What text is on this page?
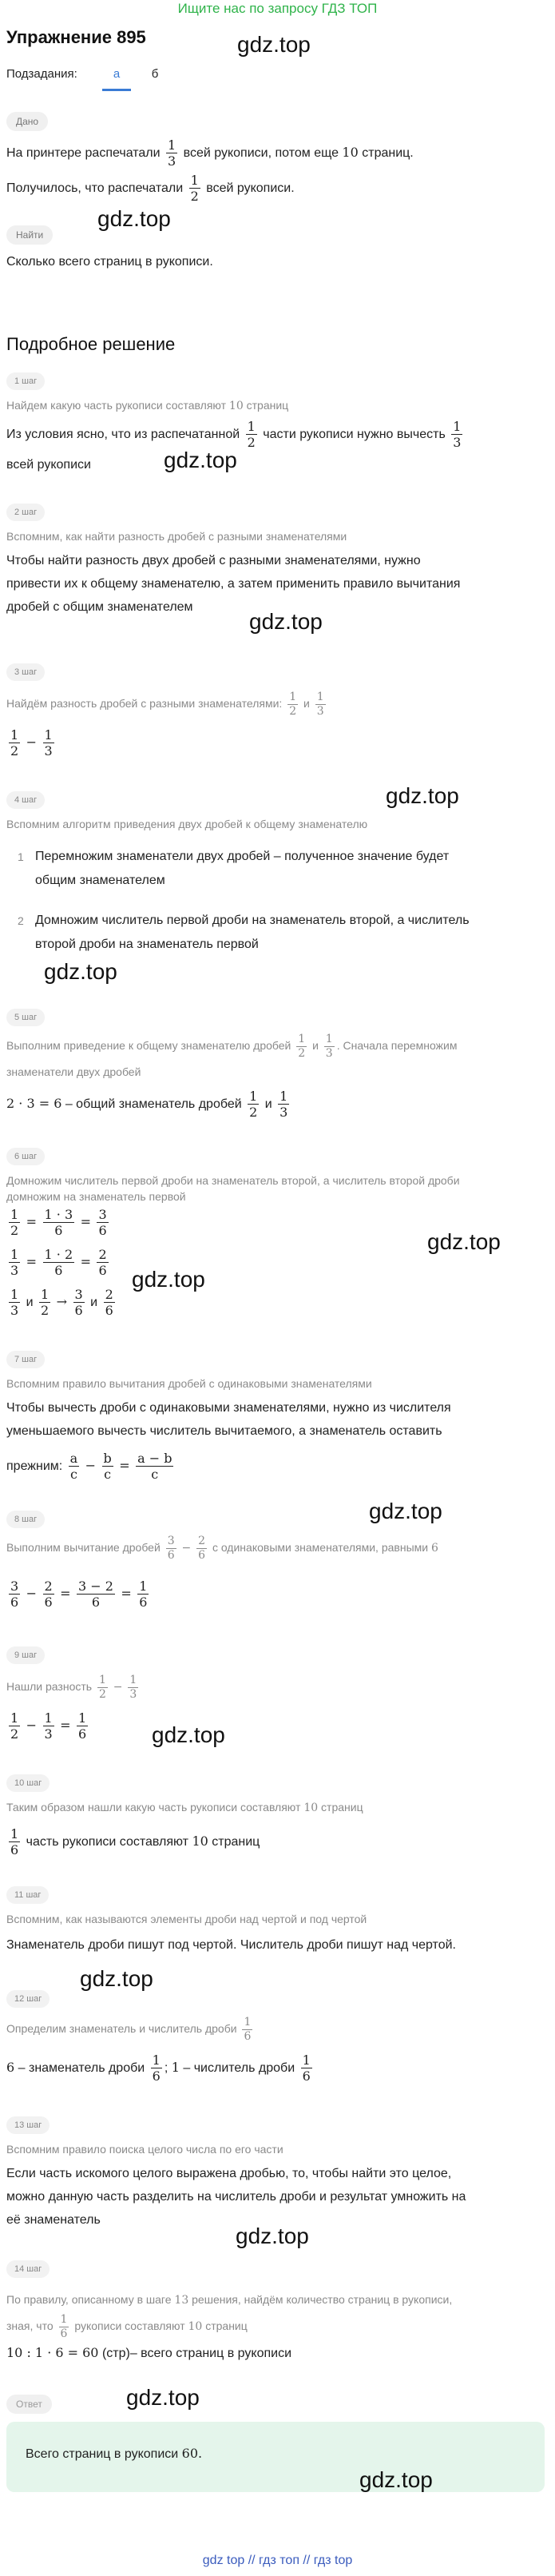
Ищите нас по запросу ГДЗ ТОП
Упражнение 895
Подзадания:	а	б
Дано
На принтере распечатали $\frac{1}{3}$ всей рукописи, потом еще 10 страниц.
Получилось, что распечатали $\frac{1}{2}$ всей рукописи.
gdz.top
gdz.top
Найти
Сколько всего страниц в рукописи.
Подробное решение
1 шаг
Найдем какую часть рукописи составляют 10 страниц
Из условия ясно, что из распечатанной $\frac{1}{2}$ части рукописи нужно вычесть $\frac{1}{3}$
всей рукописи	gdz.top
2 шаг
Вспомним, как найти разность дробей с разными знаменателями
Чтобы найти разность двух дробей с разными знаменателями, нужно
привести их к общему знаменателю, а затем применить правило вычитания
дробей с общим знаменателем
gdz.top
3 шаг
Найдём разность дробей с разными знаменателями: $\frac{1}{2}$ и $\frac{1}{3}$
$\frac{1}{2} - \frac{1}{3}$
gdz.top
4 шаг
Вспомним алгоритм приведения двух дробей к общему знаменателю
1 Перемножим знаменатели двух дробей – полученное значение будет
общим знаменателем
2 Домножим числитель первой дроби на знаменатель второй, а числитель
второй дроби на знаменатель первой
gdz.top
5 шаг
Выполним приведение к общему знаменателю дробей $\frac{1}{2}$ и $\frac{1}{3}$ . Сначала перемножим
знаменатели двух дробей
2 · 3 = 6 – общий знаменатель дробей $\frac{1}{2}$ и $\frac{1}{3}$
6 шаг
Домножим числитель первой дроби на знаменатель второй, а числитель второй дроби
домножим на знаменатель первой
$\frac{1}{2} = \frac{1 \cdot 3}{6} = \frac{3}{6}$
$\frac{1}{3} = \frac{1 \cdot 2}{6} = \frac{2}{6}$
$\frac{1}{3}$ и $\frac{1}{2} \to \frac{3}{6}$ и $\frac{2}{6}$
gdz.top
gdz.top
7 шаг
Вспомним правило вычитания дробей с одинаковыми знаменателями
Чтобы вычесть дроби с одинаковыми знаменателями, нужно из числителя
уменьшаемого вычесть числитель вычитаемого, а знаменатель оставить
прежним: $\frac{a}{c} - \frac{b}{c} = \frac{a - b}{c}$
gdz.top
8 шаг
Выполним вычитание дробей $\frac{3}{6} - \frac{2}{6}$ с одинаковыми знаменателями, равными 6
$\frac{3}{6} - \frac{2}{6} = \frac{3 - 2}{6} = \frac{1}{6}$
9 шаг
Нашли разность $\frac{1}{2} - \frac{1}{3}$
$\frac{1}{2} - \frac{1}{3} = \frac{1}{6}$	gdz.top
10 шаг
Таким образом нашли какую часть рукописи составляют 10 страниц
$\frac{1}{6}$ часть рукописи составляют 10 страниц
11 шаг
Вспомним, как называются элементы дроби над чертой и под чертой
Знаменатель дроби пишут под чертой. Числитель дроби пишут над чертой.
gdz.top
12 шаг
Определим знаменатель и числитель дроби $\frac{1}{6}$
6 – знаменатель дроби $\frac{1}{6}$ ; 1 – числитель дроби $\frac{1}{6}$
13 шаг
Вспомним правило поиска целого числа по его части
Если часть искомого целого выражена дробью, то, чтобы найти это целое,
можно данную часть разделить на числитель дроби и результат умножить на
её знаменатель
gdz.top
14 шаг
По правилу, описанному в шаге 13 решения, найдём количество страниц в рукописи,
зная, что $\frac{1}{6}$ рукописи составляют 10 страниц
10 : 1 · 6 = 60 (стр)– всего страниц в рукописи
Ответ	gdz.top
Всего страниц в рукописи 60.
gdz.top
gdz top // гдз топ // гдз top
